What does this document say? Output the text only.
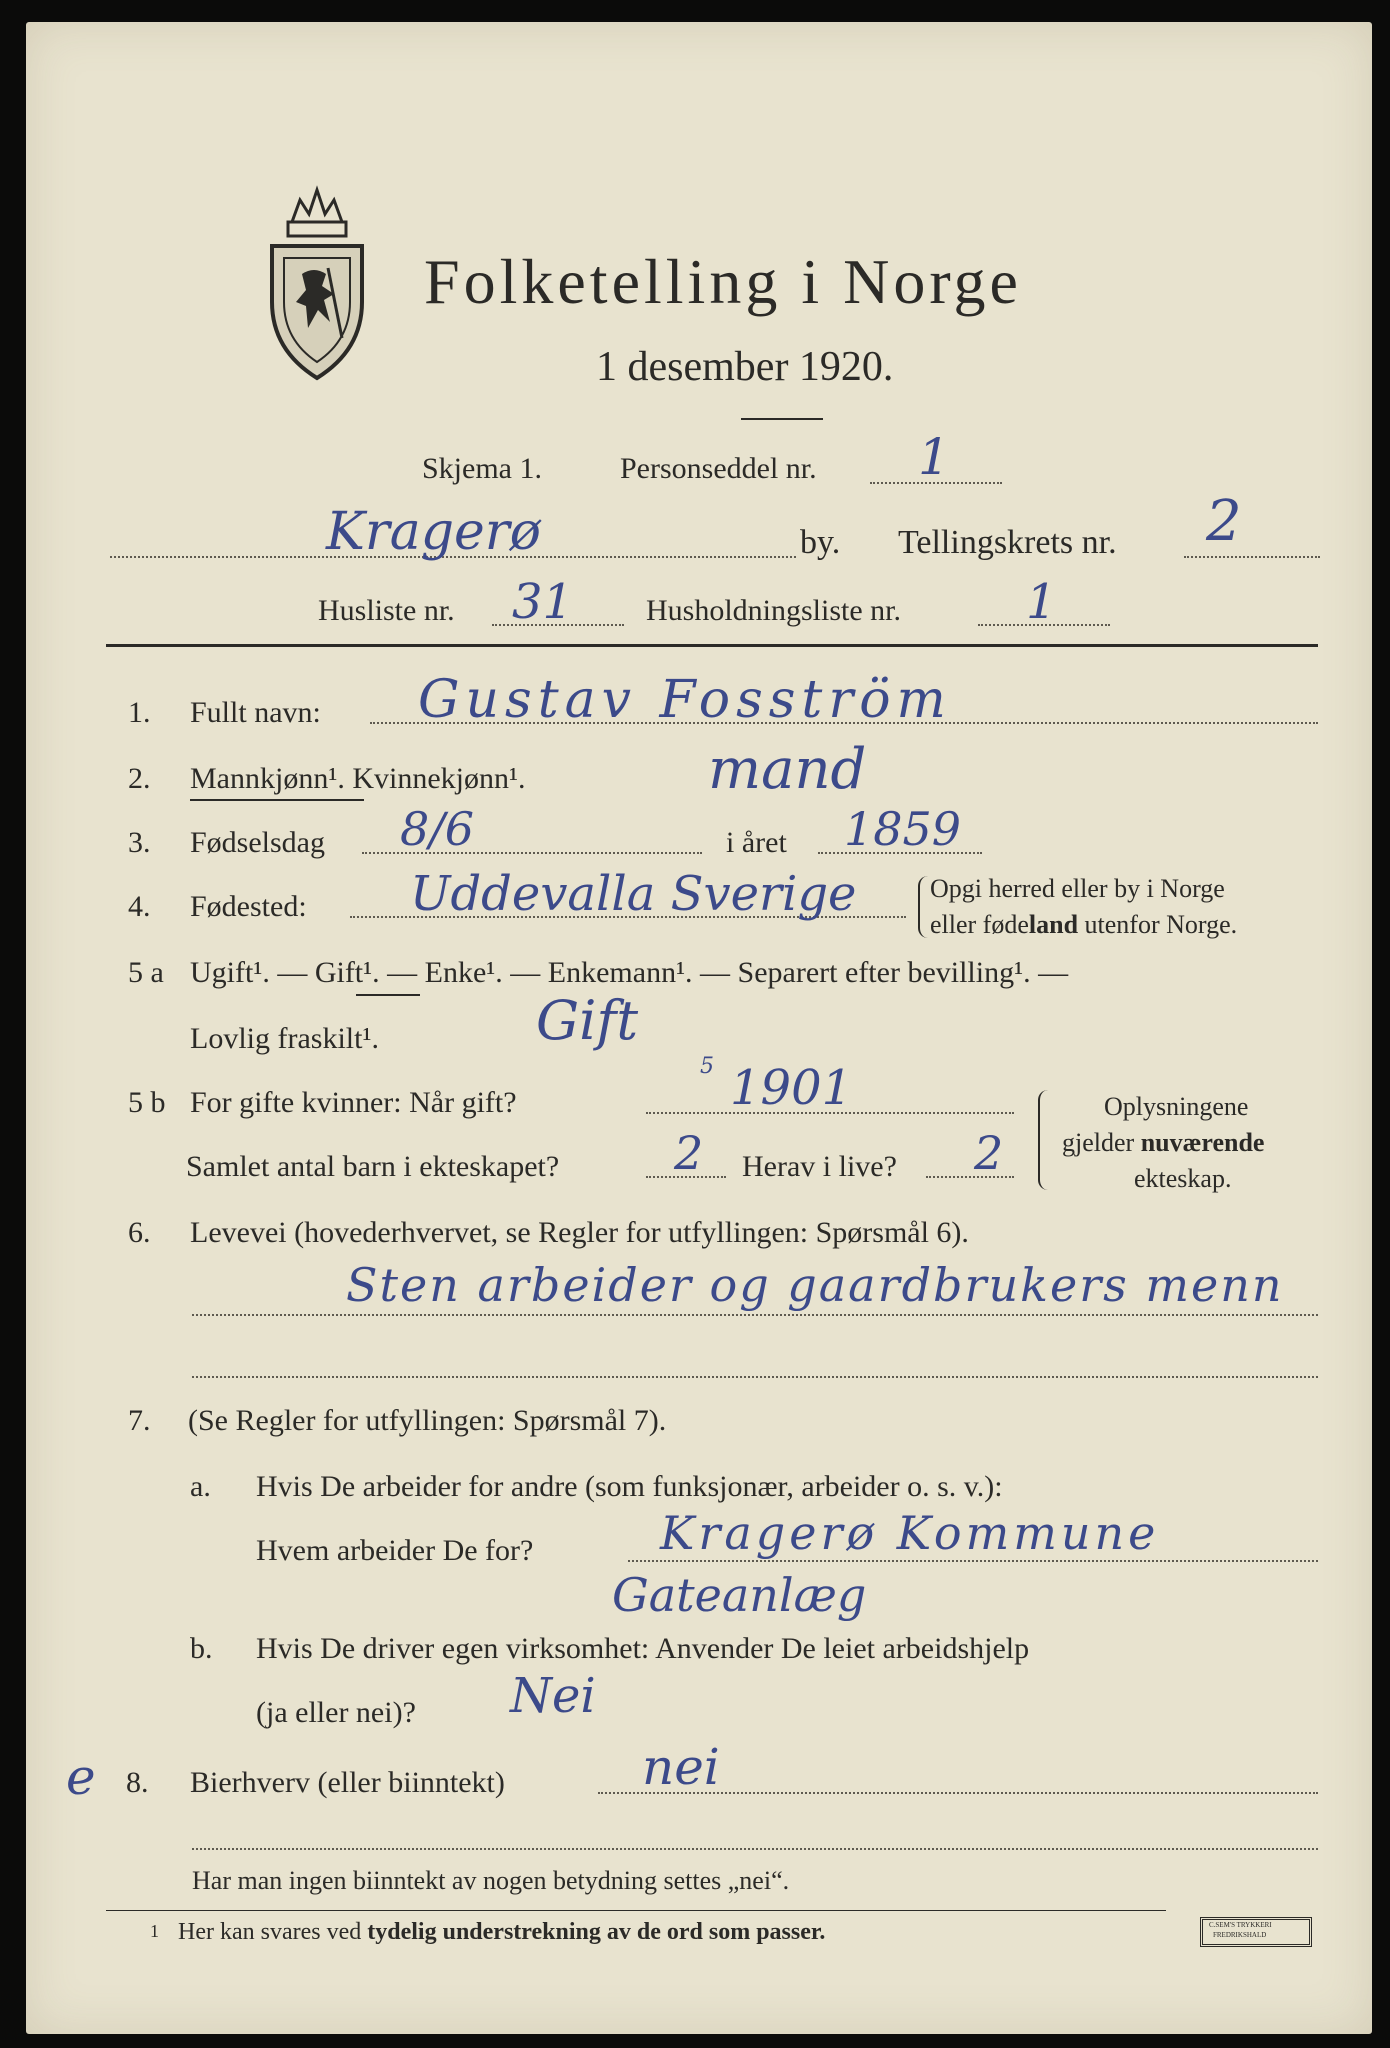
Folketelling i Norge
1 desember 1920.
Skjema 1.	Personseddel nr. 1
Kragerø	by. Tellingskrets nr. 2
Husliste nr. 31 Husholdningsliste nr.	1
1. Fullt navn: Gustav Fosström
2. Mannkjønn¹. Kvinnekjønn¹.	mand
3. Fødselsdag 8/6	i året 1859
4. Fødested: Uddevalla Sverige	Opgi herred eller by i Norge
eller fødeland utenfor Norge.
5 a Ugift¹. — Gift¹. — Enke¹. — Enkemann¹. — Separert efter bevilling¹. —
Lovlig fraskilt¹.	Gift
5 b For gifte kvinner: Når gift?
5 1901
Samlet antal barn i ekteskapet? 2 Herav i live? 2
Oplysningene
gjelder nuværende
ekteskap.
6. Levevei (hovederhvervet, se Regler for utfyllingen: Spørsmål 6).
Sten arbeider og gaardbrukers menn
7. (Se Regler for utfyllingen: Spørsmål 7).
a. Hvis De arbeider for andre (som funksjonær, arbeider o. s. v.):
Hvem arbeider De for?	Kragerø Kommune
Gateanlæg
b. Hvis De driver egen virksomhet: Anvender De leiet arbeidshjelp
(ja eller nei)? Nei
e 8. Bierhverv (eller biinntekt)	nei
Har man ingen biinntekt av nogen betydning settes „nei“.
1 Her kan svares ved tydelig understrekning av de ord som passer.	C.SEM'S TRYKKERI
FREDRIKSHALD
